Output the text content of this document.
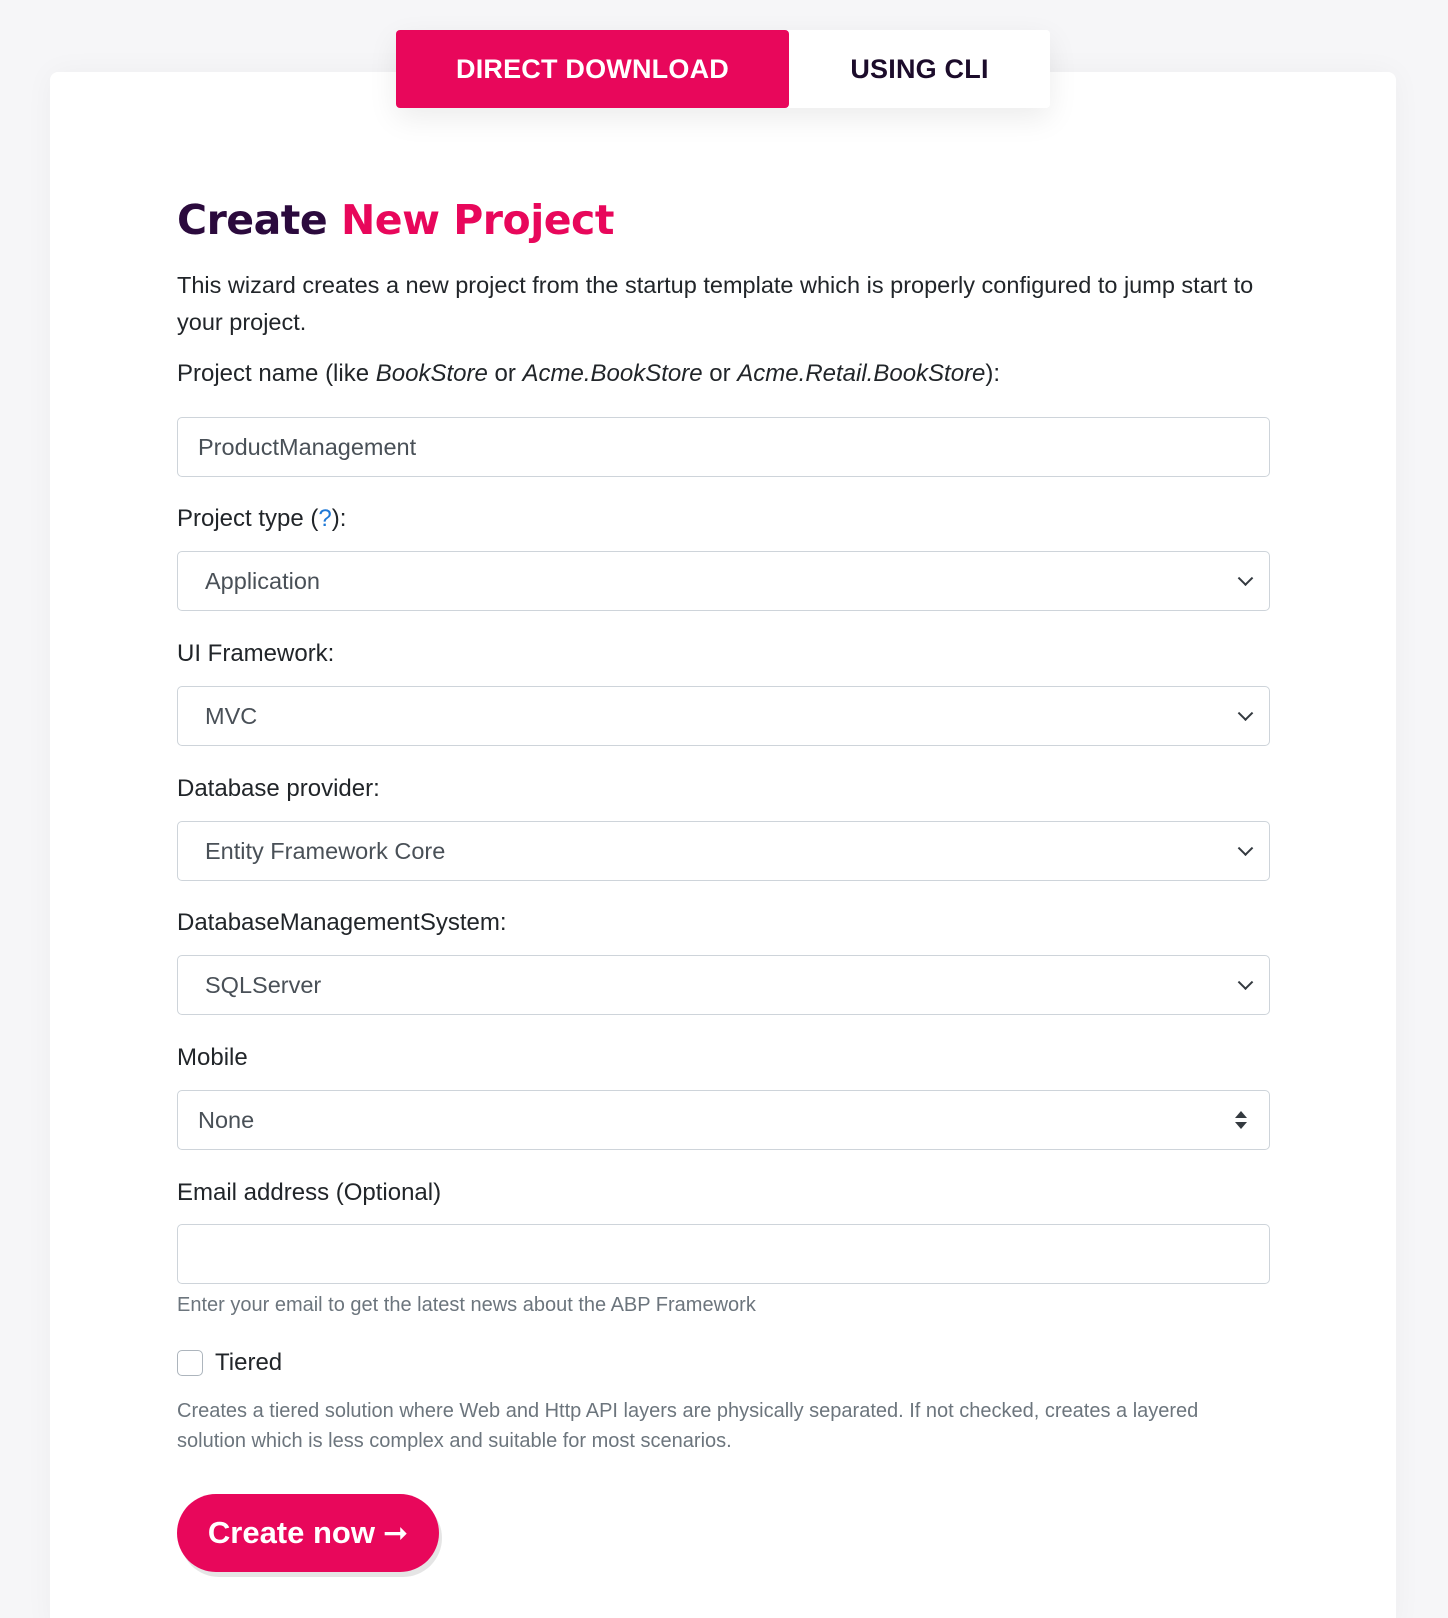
DIRECT DOWNLOAD	USING CLI
Create New Project

This wizard creates a new project from the startup template which is properly configured to jump start to your project.

Project name (like BookStore or Acme.BookStore or Acme.Retail.BookStore):
ProductManagement
Project type (?):
Application
UI Framework:
MVC
Database provider:
Entity Framework Core
DatabaseManagementSystem:
SQLServer
Mobile
None
Email address (Optional)
Enter your email to get the latest news about the ABP Framework
Tiered
Creates a tiered solution where Web and Http API layers are physically separated. If not checked, creates a layered solution which is less complex and suitable for most scenarios.
Create now ➞
